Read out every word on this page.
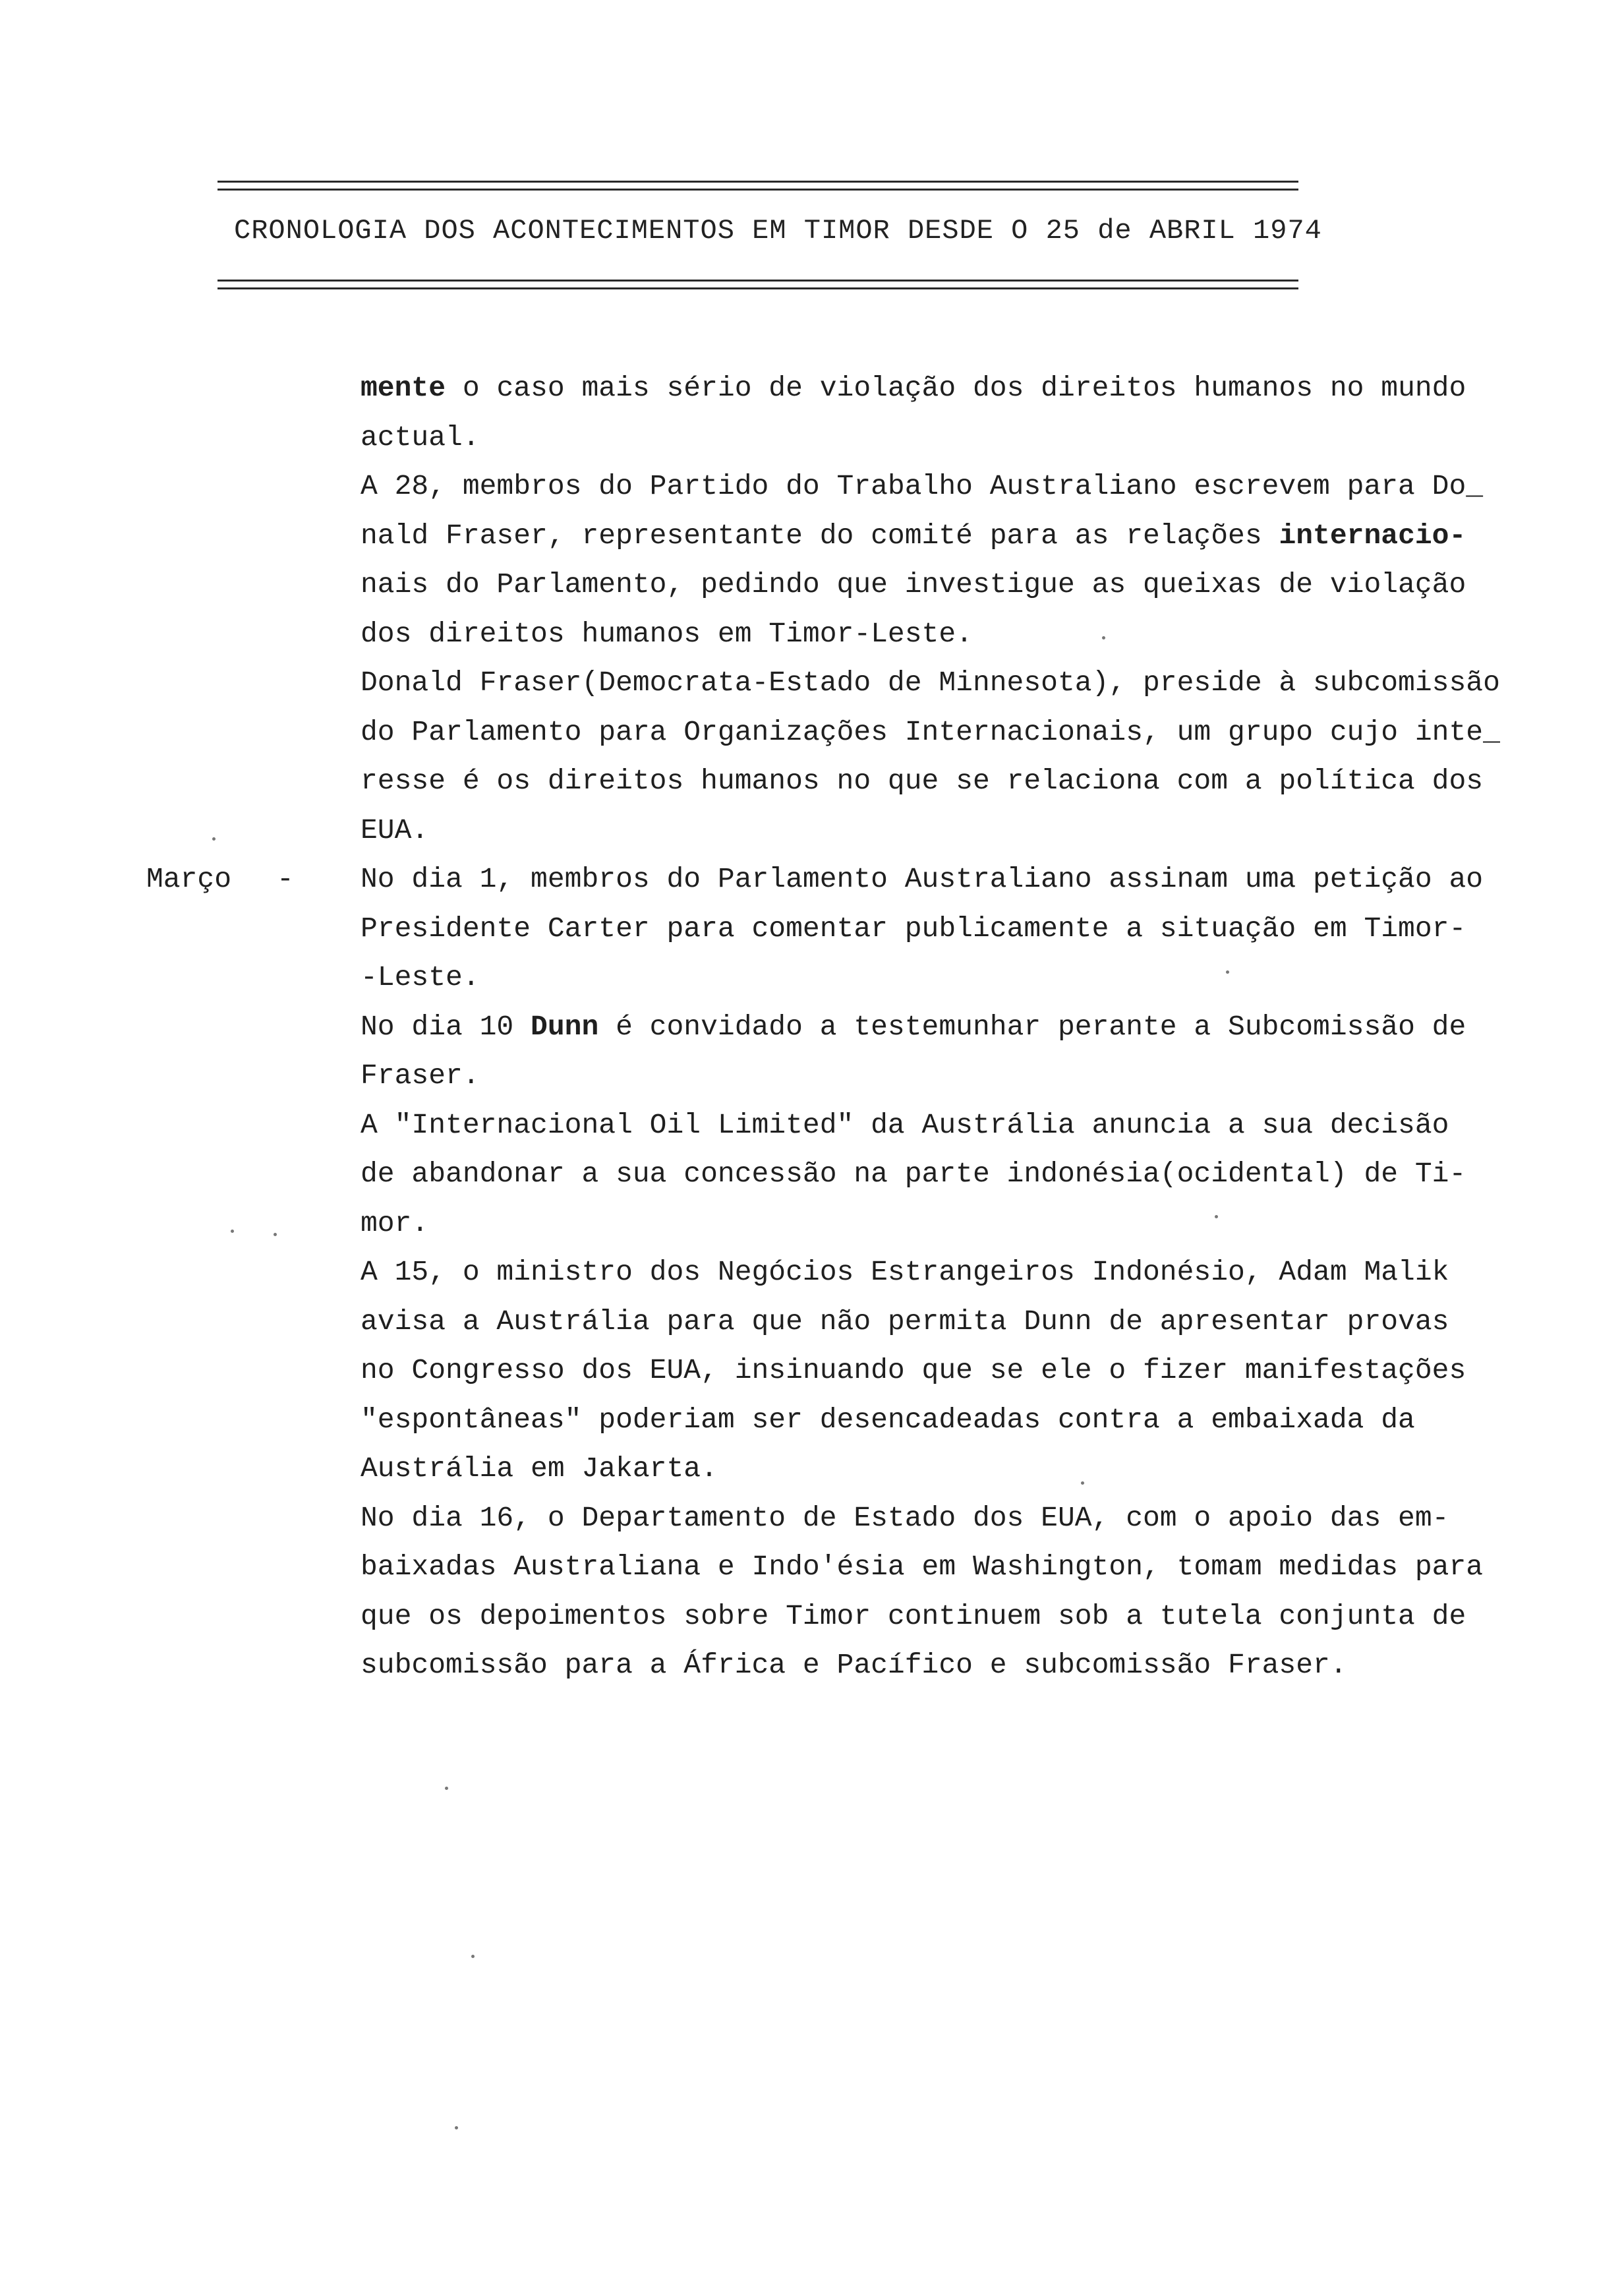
CRONOLOGIA DOS ACONTECIMENTOS EM TIMOR DESDE O 25 de ABRIL 1974
Março -
mente o caso mais sério de violação dos direitos humanos no mundo
actual.
A 28, membros do Partido do Trabalho Australiano escrevem para Do_
nald Fraser, representante do comité para as relações internacio-
nais do Parlamento, pedindo que investigue as queixas de violação
dos direitos humanos em Timor-Leste.
Donald Fraser(Democrata-Estado de Minnesota), preside à subcomissão
do Parlamento para Organizações Internacionais, um grupo cujo inte_
resse é os direitos humanos no que se relaciona com a política dos
EUA.
No dia 1, membros do Parlamento Australiano assinam uma petição ao
Presidente Carter para comentar publicamente a situação em Timor-
-Leste.
No dia 10 Dunn é convidado a testemunhar perante a Subcomissão de
Fraser.
A "Internacional Oil Limited" da Austrália anuncia a sua decisão
de abandonar a sua concessão na parte indonésia(ocidental) de Ti-
mor.
A 15, o ministro dos Negócios Estrangeiros Indonésio, Adam Malik
avisa a Austrália para que não permita Dunn de apresentar provas
no Congresso dos EUA, insinuando que se ele o fizer manifestações
"espontâneas" poderiam ser desencadeadas contra a embaixada da
Austrália em Jakarta.
No dia 16, o Departamento de Estado dos EUA, com o apoio das em-
baixadas Australiana e Indo'ésia em Washington, tomam medidas para
que os depoimentos sobre Timor continuem sob a tutela conjunta de
subcomissão para a África e Pacífico e subcomissão Fraser.
